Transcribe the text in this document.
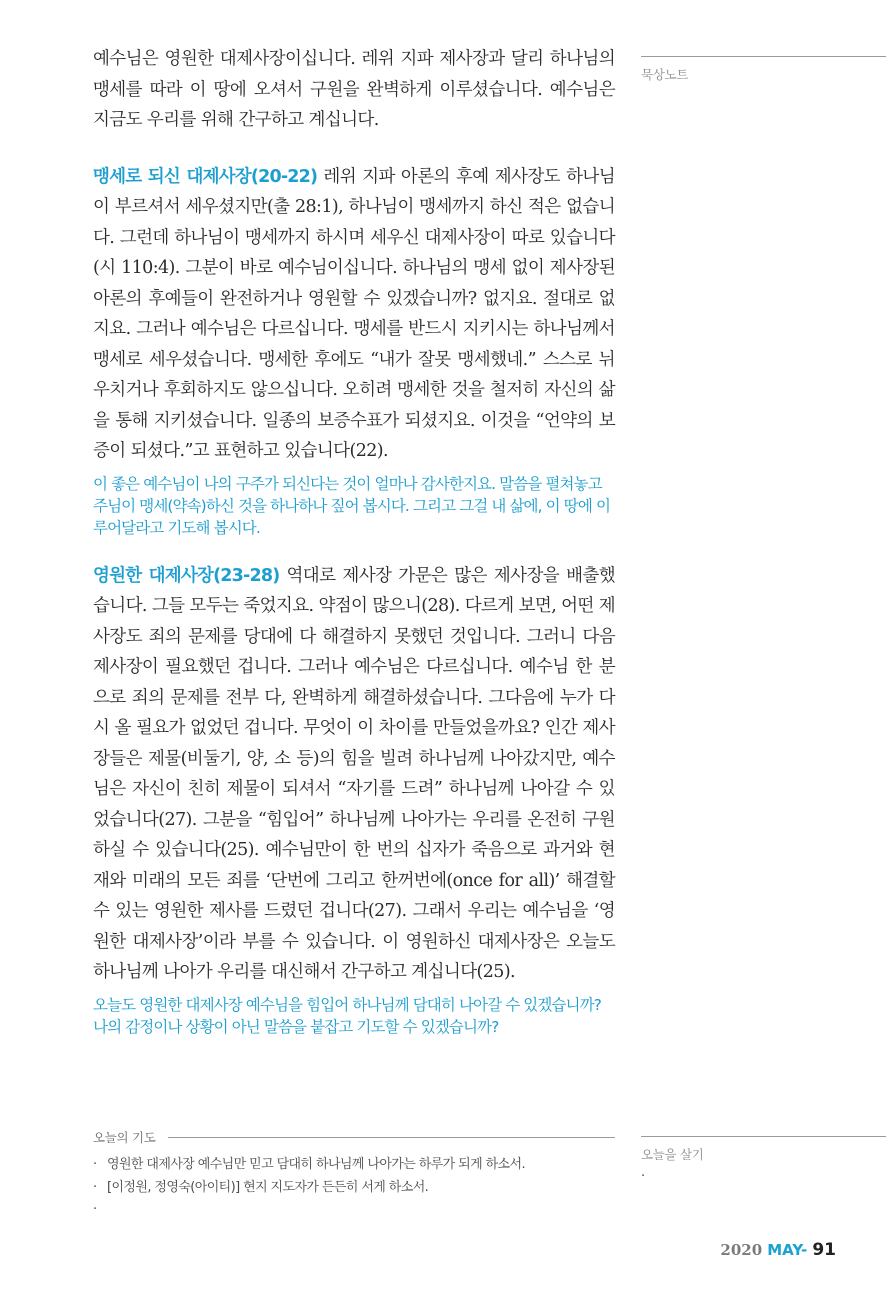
예수님은 영원한 대제사장이십니다. 레위 지파 제사장과 달리 하나님의 맹세를 따라 이 땅에 오셔서 구원을 완벽하게 이루셨습니다. 예수님은 지금도 우리를 위해 간구하고 계십니다.

맹세로 되신 대제사장(20-22) 레위 지파 아론의 후예 제사장도 하나님이 부르셔서 세우셨지만(출 28:1), 하나님이 맹세까지 하신 적은 없습니다. 그런데 하나님이 맹세까지 하시며 세우신 대제사장이 따로 있습니다(시 110:4). 그분이 바로 예수님이십니다. 하나님의 맹세 없이 제사장된 아론의 후예들이 완전하거나 영원할 수 있겠습니까? 없지요. 절대로 없지요. 그러나 예수님은 다르십니다. 맹세를 반드시 지키시는 하나님께서 맹세로 세우셨습니다. 맹세한 후에도 “내가 잘못 맹세했네.” 스스로 뉘우치거나 후회하지도 않으십니다. 오히려 맹세한 것을 철저히 자신의 삶을 통해 지키셨습니다. 일종의 보증수표가 되셨지요. 이것을 “언약의 보증이 되셨다.”고 표현하고 있습니다(22).

이 좋은 예수님이 나의 구주가 되신다는 것이 얼마나 감사한지요. 말씀을 펼쳐놓고 주님이 맹세(약속)하신 것을 하나하나 짚어 봅시다. 그리고 그걸 내 삶에, 이 땅에 이루어달라고 기도해 봅시다.

영원한 대제사장(23-28) 역대로 제사장 가문은 많은 제사장을 배출했습니다. 그들 모두는 죽었지요. 약점이 많으니(28). 다르게 보면, 어떤 제사장도 죄의 문제를 당대에 다 해결하지 못했던 것입니다. 그러니 다음 제사장이 필요했던 겁니다. 그러나 예수님은 다르십니다. 예수님 한 분으로 죄의 문제를 전부 다, 완벽하게 해결하셨습니다. 그다음에 누가 다시 올 필요가 없었던 겁니다. 무엇이 이 차이를 만들었을까요? 인간 제사장들은 제물(비둘기, 양, 소 등)의 힘을 빌려 하나님께 나아갔지만, 예수님은 자신이 친히 제물이 되셔서 “자기를 드려” 하나님께 나아갈 수 있었습니다(27). 그분을 “힘입어” 하나님께 나아가는 우리를 온전히 구원하실 수 있습니다(25). 예수님만이 한 번의 십자가 죽음으로 과거와 현재와 미래의 모든 죄를 ‘단번에 그리고 한꺼번에(once for all)’ 해결할 수 있는 영원한 제사를 드렸던 겁니다(27). 그래서 우리는 예수님을 ‘영원한 대제사장’이라 부를 수 있습니다. 이 영원하신 대제사장은 오늘도 하나님께 나아가 우리를 대신해서 간구하고 계십니다(25).

오늘도 영원한 대제사장 예수님을 힘입어 하나님께 담대히 나아갈 수 있겠습니까? 나의 감정이나 상황이 아닌 말씀을 붙잡고 기도할 수 있겠습니까?

묵상노트
오늘의 기도
· 영원한 대제사장 예수님만 믿고 담대히 하나님께 나아가는 하루가 되게 하소서.
· [이정원, 정영숙(아이티)] 현지 지도자가 든든히 서게 하소서.
·
오늘을 살기
·
2020 MAY- 91
